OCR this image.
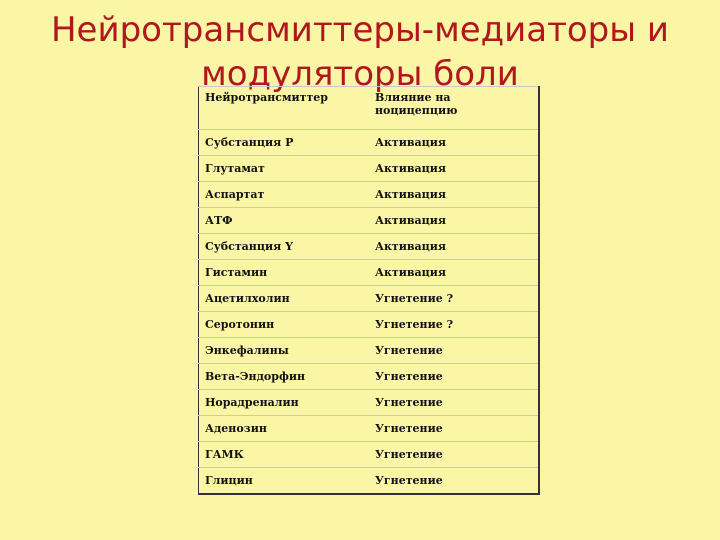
Нейротрансмиттеры-медиаторы и
модуляторы боли
Нейротрансмиттер	Влияние на ноцицепцию
Субстанция Р	Активация
Глутамат	Активация
Аспартат	Активация
АТФ	Активация
Субстанция Y	Активация
Гистамин	Активация
Ацетилхолин	Угнетение ?
Серотонин	Угнетение ?
Энкефалины	Угнетение
Вета-Эндорфин	Угнетение
Норадреналин	Угнетение
Аденозин	Угнетение
ГАМК	Угнетение
Глицин	Угнетение
